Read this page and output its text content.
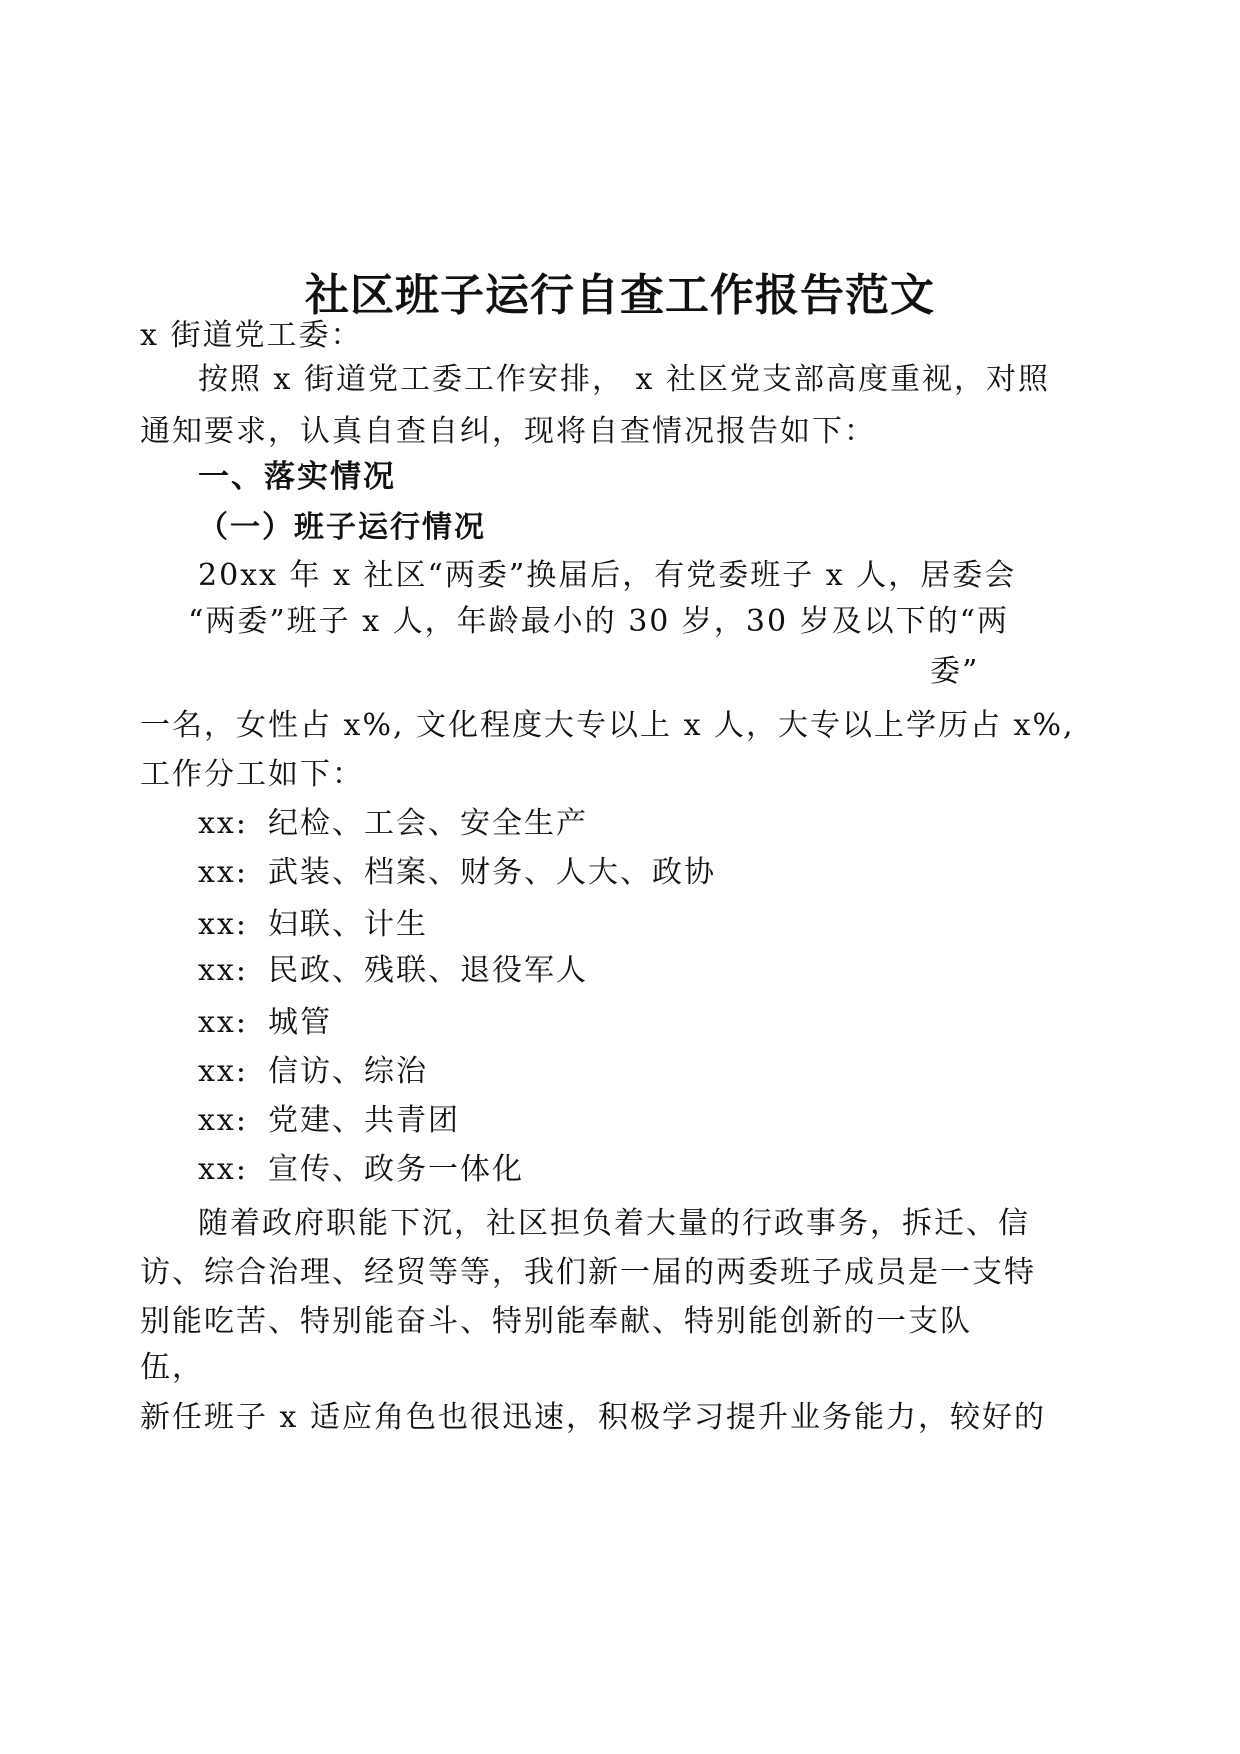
社区班子运行自查工作报告范文
x 街道党工委：
按照 x 街道党工委工作安排， x 社区党支部高度重视，对照
通知要求，认真自查自纠，现将自查情况报告如下：
一、落实情况
（一）班子运行情况
20xx 年 x 社区“两委”换届后，有党委班子 x 人，居委会
“两委”班子 x 人，年龄最小的 30 岁，30 岁及以下的“两
委”
一名，女性占 x%, 文化程度大专以上 x 人，大专以上学历占 x%,
工作分工如下：
xx: 纪检、工会、安全生产
xx: 武装、档案、财务、人大、政协
xx: 妇联、计生
xx: 民政、残联、退役军人
xx: 城管
xx: 信访、综治
xx: 党建、共青团
xx: 宣传、政务一体化
随着政府职能下沉，社区担负着大量的行政事务，拆迁、信
访、综合治理、经贸等等，我们新一届的两委班子成员是一支特
别能吃苦、特别能奋斗、特别能奉献、特别能创新的一支队
伍，
新任班子 x 适应角色也很迅速，积极学习提升业务能力，较好的
